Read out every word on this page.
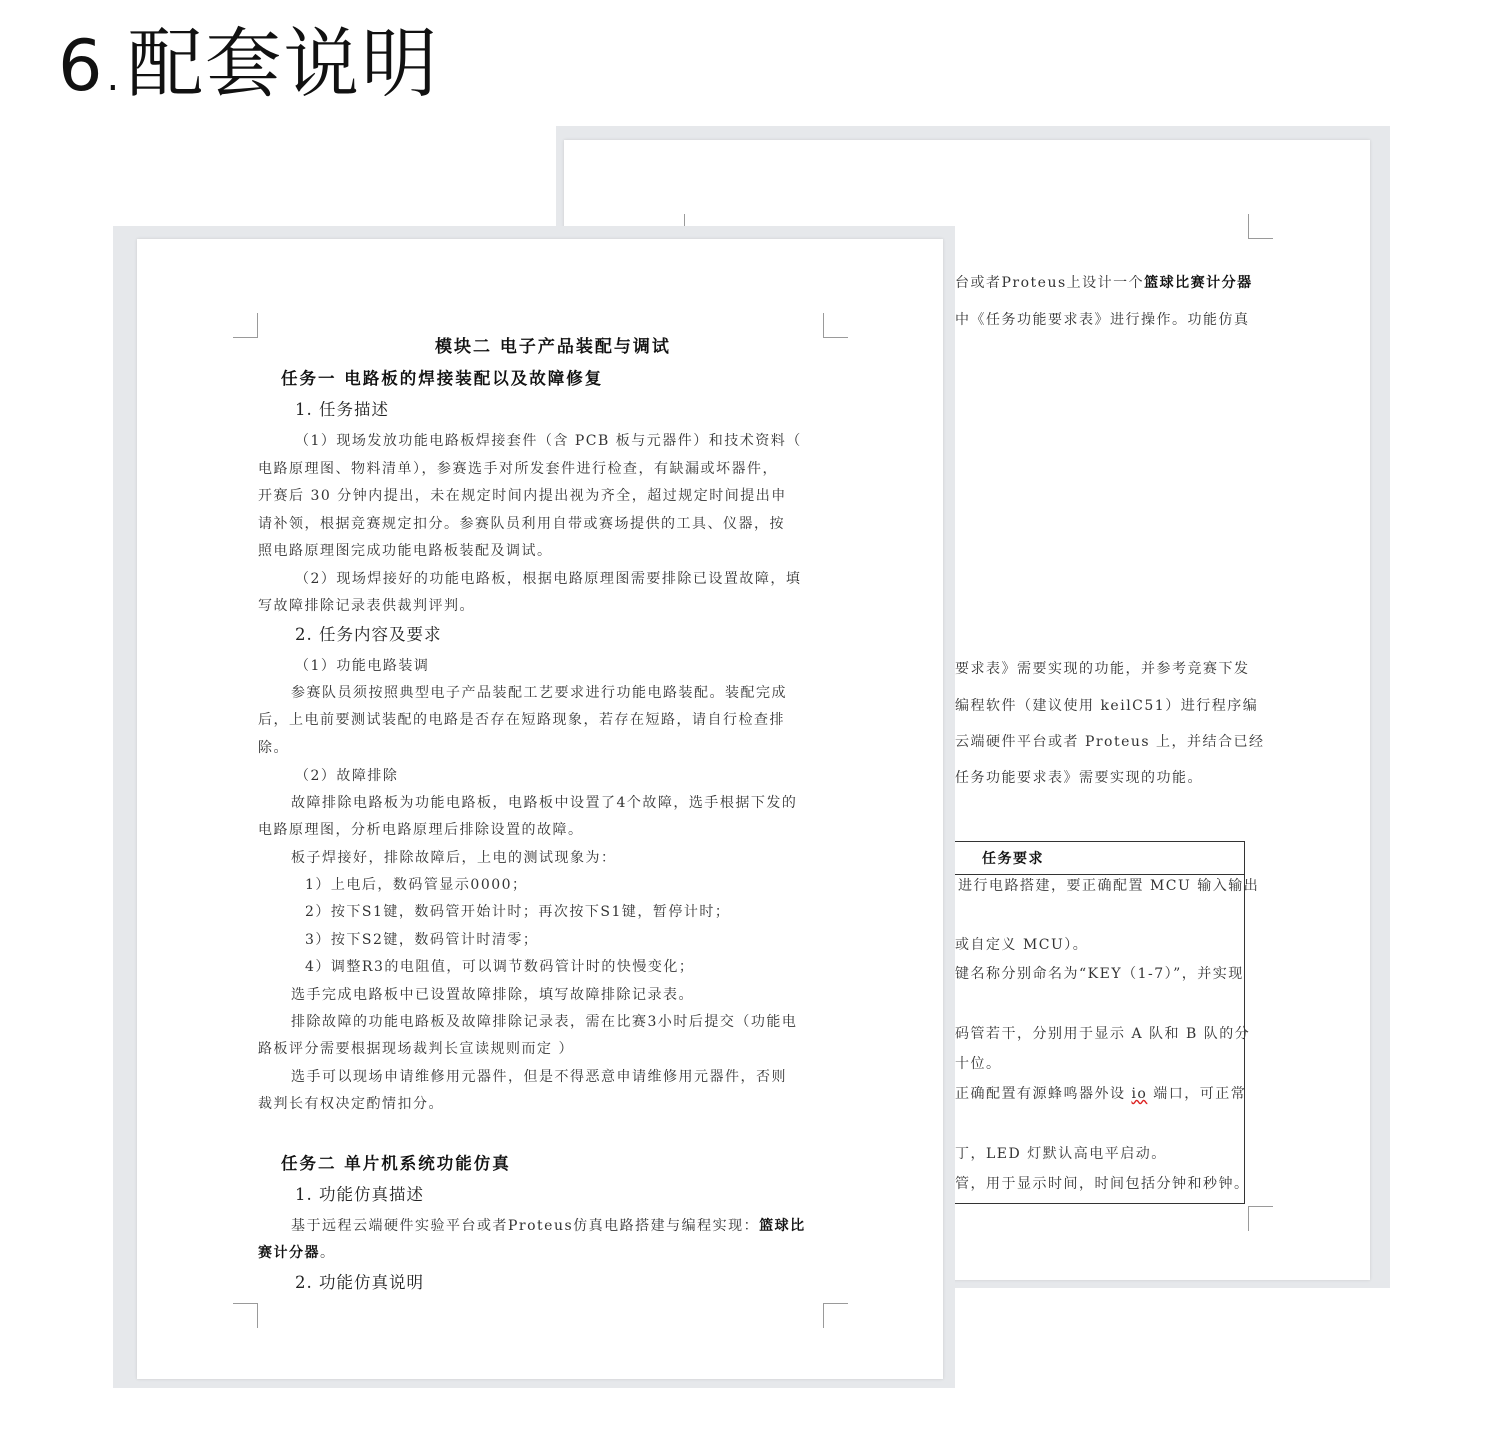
6.配套说明
台或者Proteus上设计一个篮球比赛计分器
中《任务功能要求表》进行操作。功能仿真
要求表》需要实现的功能，并参考竞赛下发
编程软件（建议使用 keilC51）进行程序编
云端硬件平台或者 Proteus 上，并结合已经
任务功能要求表》需要实现的功能。
任务要求
进行电路搭建，要正确配置 MCU 输入输出
或自定义 MCU）。
键名称分别命名为“KEY（1-7）”，并实现
码管若干，分别用于显示 A 队和 B 队的分
十位。
正确配置有源蜂鸣器外设 io 端口，可正常
丁，LED 灯默认高电平启动。
管，用于显示时间，时间包括分钟和秒钟。
模块二 电子产品装配与调试
任务一 电路板的焊接装配以及故障修复
1. 任务描述
（1）现场发放功能电路板焊接套件（含 PCB 板与元器件）和技术资料（
电路原理图、物料清单），参赛选手对所发套件进行检查，有缺漏或坏器件，
开赛后 30 分钟内提出，未在规定时间内提出视为齐全，超过规定时间提出申
请补领，根据竞赛规定扣分。参赛队员利用自带或赛场提供的工具、仪器，按
照电路原理图完成功能电路板装配及调试。
（2）现场焊接好的功能电路板，根据电路原理图需要排除已设置故障，填
写故障排除记录表供裁判评判。
2. 任务内容及要求
（1）功能电路装调
参赛队员须按照典型电子产品装配工艺要求进行功能电路装配。装配完成
后，上电前要测试装配的电路是否存在短路现象，若存在短路，请自行检查排
除。
（2）故障排除
故障排除电路板为功能电路板，电路板中设置了4个故障，选手根据下发的
电路原理图，分析电路原理后排除设置的故障。
板子焊接好，排除故障后，上电的测试现象为：
1）上电后，数码管显示0000；
2）按下S1键，数码管开始计时；再次按下S1键，暂停计时；
3）按下S2键，数码管计时清零；
4）调整R3的电阻值，可以调节数码管计时的快慢变化；
选手完成电路板中已设置故障排除，填写故障排除记录表。
排除故障的功能电路板及故障排除记录表，需在比赛3小时后提交（功能电
路板评分需要根据现场裁判长宣读规则而定 ）
选手可以现场申请维修用元器件，但是不得恶意申请维修用元器件，否则
裁判长有权决定酌情扣分。
任务二 单片机系统功能仿真
1. 功能仿真描述
基于远程云端硬件实验平台或者Proteus仿真电路搭建与编程实现：篮球比
赛计分器。
2. 功能仿真说明
